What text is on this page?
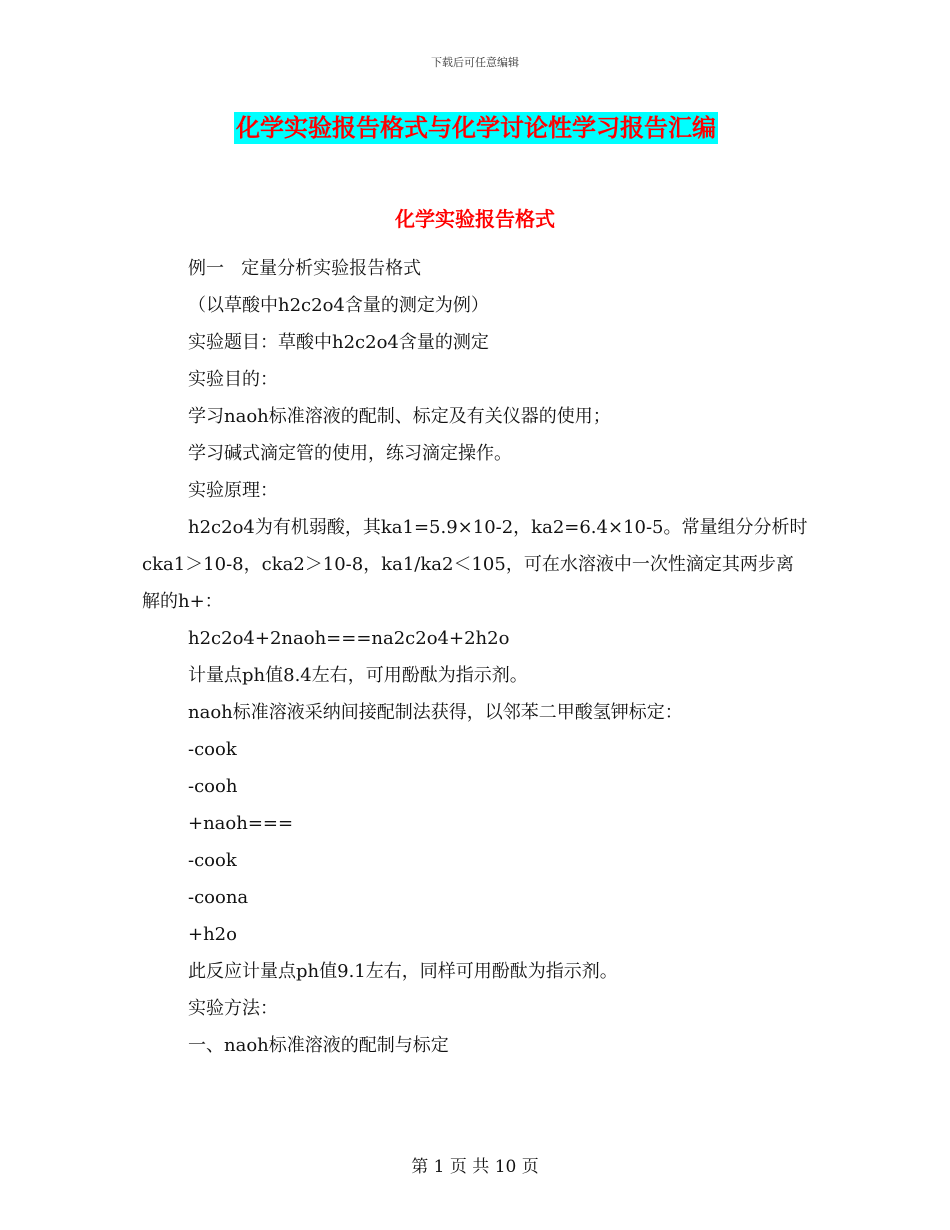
下载后可任意编辑
化学实验报告格式与化学讨论性学习报告汇编
化学实验报告格式

例一   定量分析实验报告格式

（以草酸中h2c2o4含量的测定为例）

实验题目：草酸中h2c2o4含量的测定

实验目的：

学习naoh标准溶液的配制、标定及有关仪器的使用；

学习碱式滴定管的使用，练习滴定操作。

实验原理：

h2c2o4为有机弱酸，其ka1=5.9×10-2，ka2=6.4×10-5。常量组分分析时cka1＞10-8，cka2＞10-8，ka1/ka2＜105，可在水溶液中一次性滴定其两步离解的h+：

h2c2o4+2naoh===na2c2o4+2h2o

计量点ph值8.4左右，可用酚酞为指示剂。

naoh标准溶液采纳间接配制法获得，以邻苯二甲酸氢钾标定：

-cook

-cooh

+naoh===

-cook

-coona

+h2o

此反应计量点ph值9.1左右，同样可用酚酞为指示剂。

实验方法：

一、naoh标准溶液的配制与标定

第 1 页 共 10 页
